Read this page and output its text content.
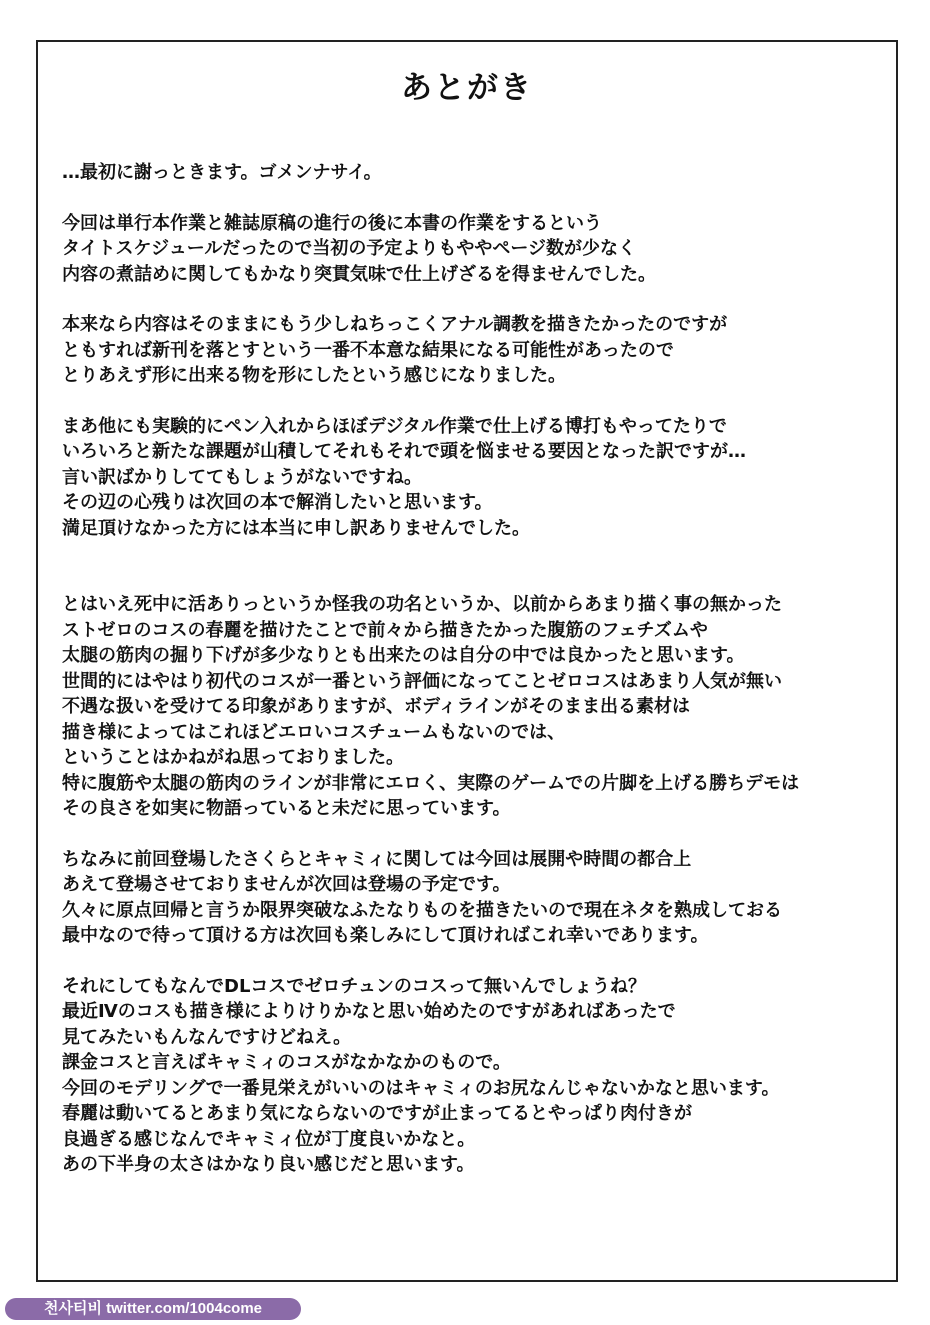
あとがき
…最初に謝っときます。ゴメンナサイ。
今回は単行本作業と雑誌原稿の進行の後に本書の作業をするという
タイトスケジュールだったので当初の予定よりもややページ数が少なく
内容の煮詰めに関してもかなり突貫気味で仕上げざるを得ませんでした。
本来なら内容はそのままにもう少しねちっこくアナル調教を描きたかったのですが
ともすれば新刊を落とすという一番不本意な結果になる可能性があったので
とりあえず形に出来る物を形にしたという感じになりました。
まあ他にも実験的にペン入れからほぼデジタル作業で仕上げる博打もやってたりで
いろいろと新たな課題が山積してそれもそれで頭を悩ませる要因となった訳ですが…
言い訳ばかりしててもしょうがないですね。
その辺の心残りは次回の本で解消したいと思います。
満足頂けなかった方には本当に申し訳ありませんでした。
とはいえ死中に活ありっというか怪我の功名というか、以前からあまり描く事の無かった
ストゼロのコスの春麗を描けたことで前々から描きたかった腹筋のフェチズムや
太腿の筋肉の掘り下げが多少なりとも出来たのは自分の中では良かったと思います。
世間的にはやはり初代のコスが一番という評価になってことゼロコスはあまり人気が無い
不遇な扱いを受けてる印象がありますが、ボディラインがそのまま出る素材は
描き様によってはこれほどエロいコスチュームもないのでは、
ということはかねがね思っておりました。
特に腹筋や太腿の筋肉のラインが非常にエロく、実際のゲームでの片脚を上げる勝ちデモは
その良さを如実に物語っていると未だに思っています。
ちなみに前回登場したさくらとキャミィに関しては今回は展開や時間の都合上
あえて登場させておりませんが次回は登場の予定です。
久々に原点回帰と言うか限界突破なふたなりものを描きたいので現在ネタを熟成しておる
最中なので待って頂ける方は次回も楽しみにして頂ければこれ幸いであります。
それにしてもなんでDLコスでゼロチュンのコスって無いんでしょうね？
最近Ⅳのコスも描き様によりけりかなと思い始めたのですがあればあったで
見てみたいもんなんですけどねえ。
課金コスと言えばキャミィのコスがなかなかのもので。
今回のモデリングで一番見栄えがいいのはキャミィのお尻なんじゃないかなと思います。
春麗は動いてるとあまり気にならないのですが止まってるとやっぱり肉付きが
良過ぎる感じなんでキャミィ位が丁度良いかなと。
あの下半身の太さはかなり良い感じだと思います。
천사티비 twitter.com/1004come
